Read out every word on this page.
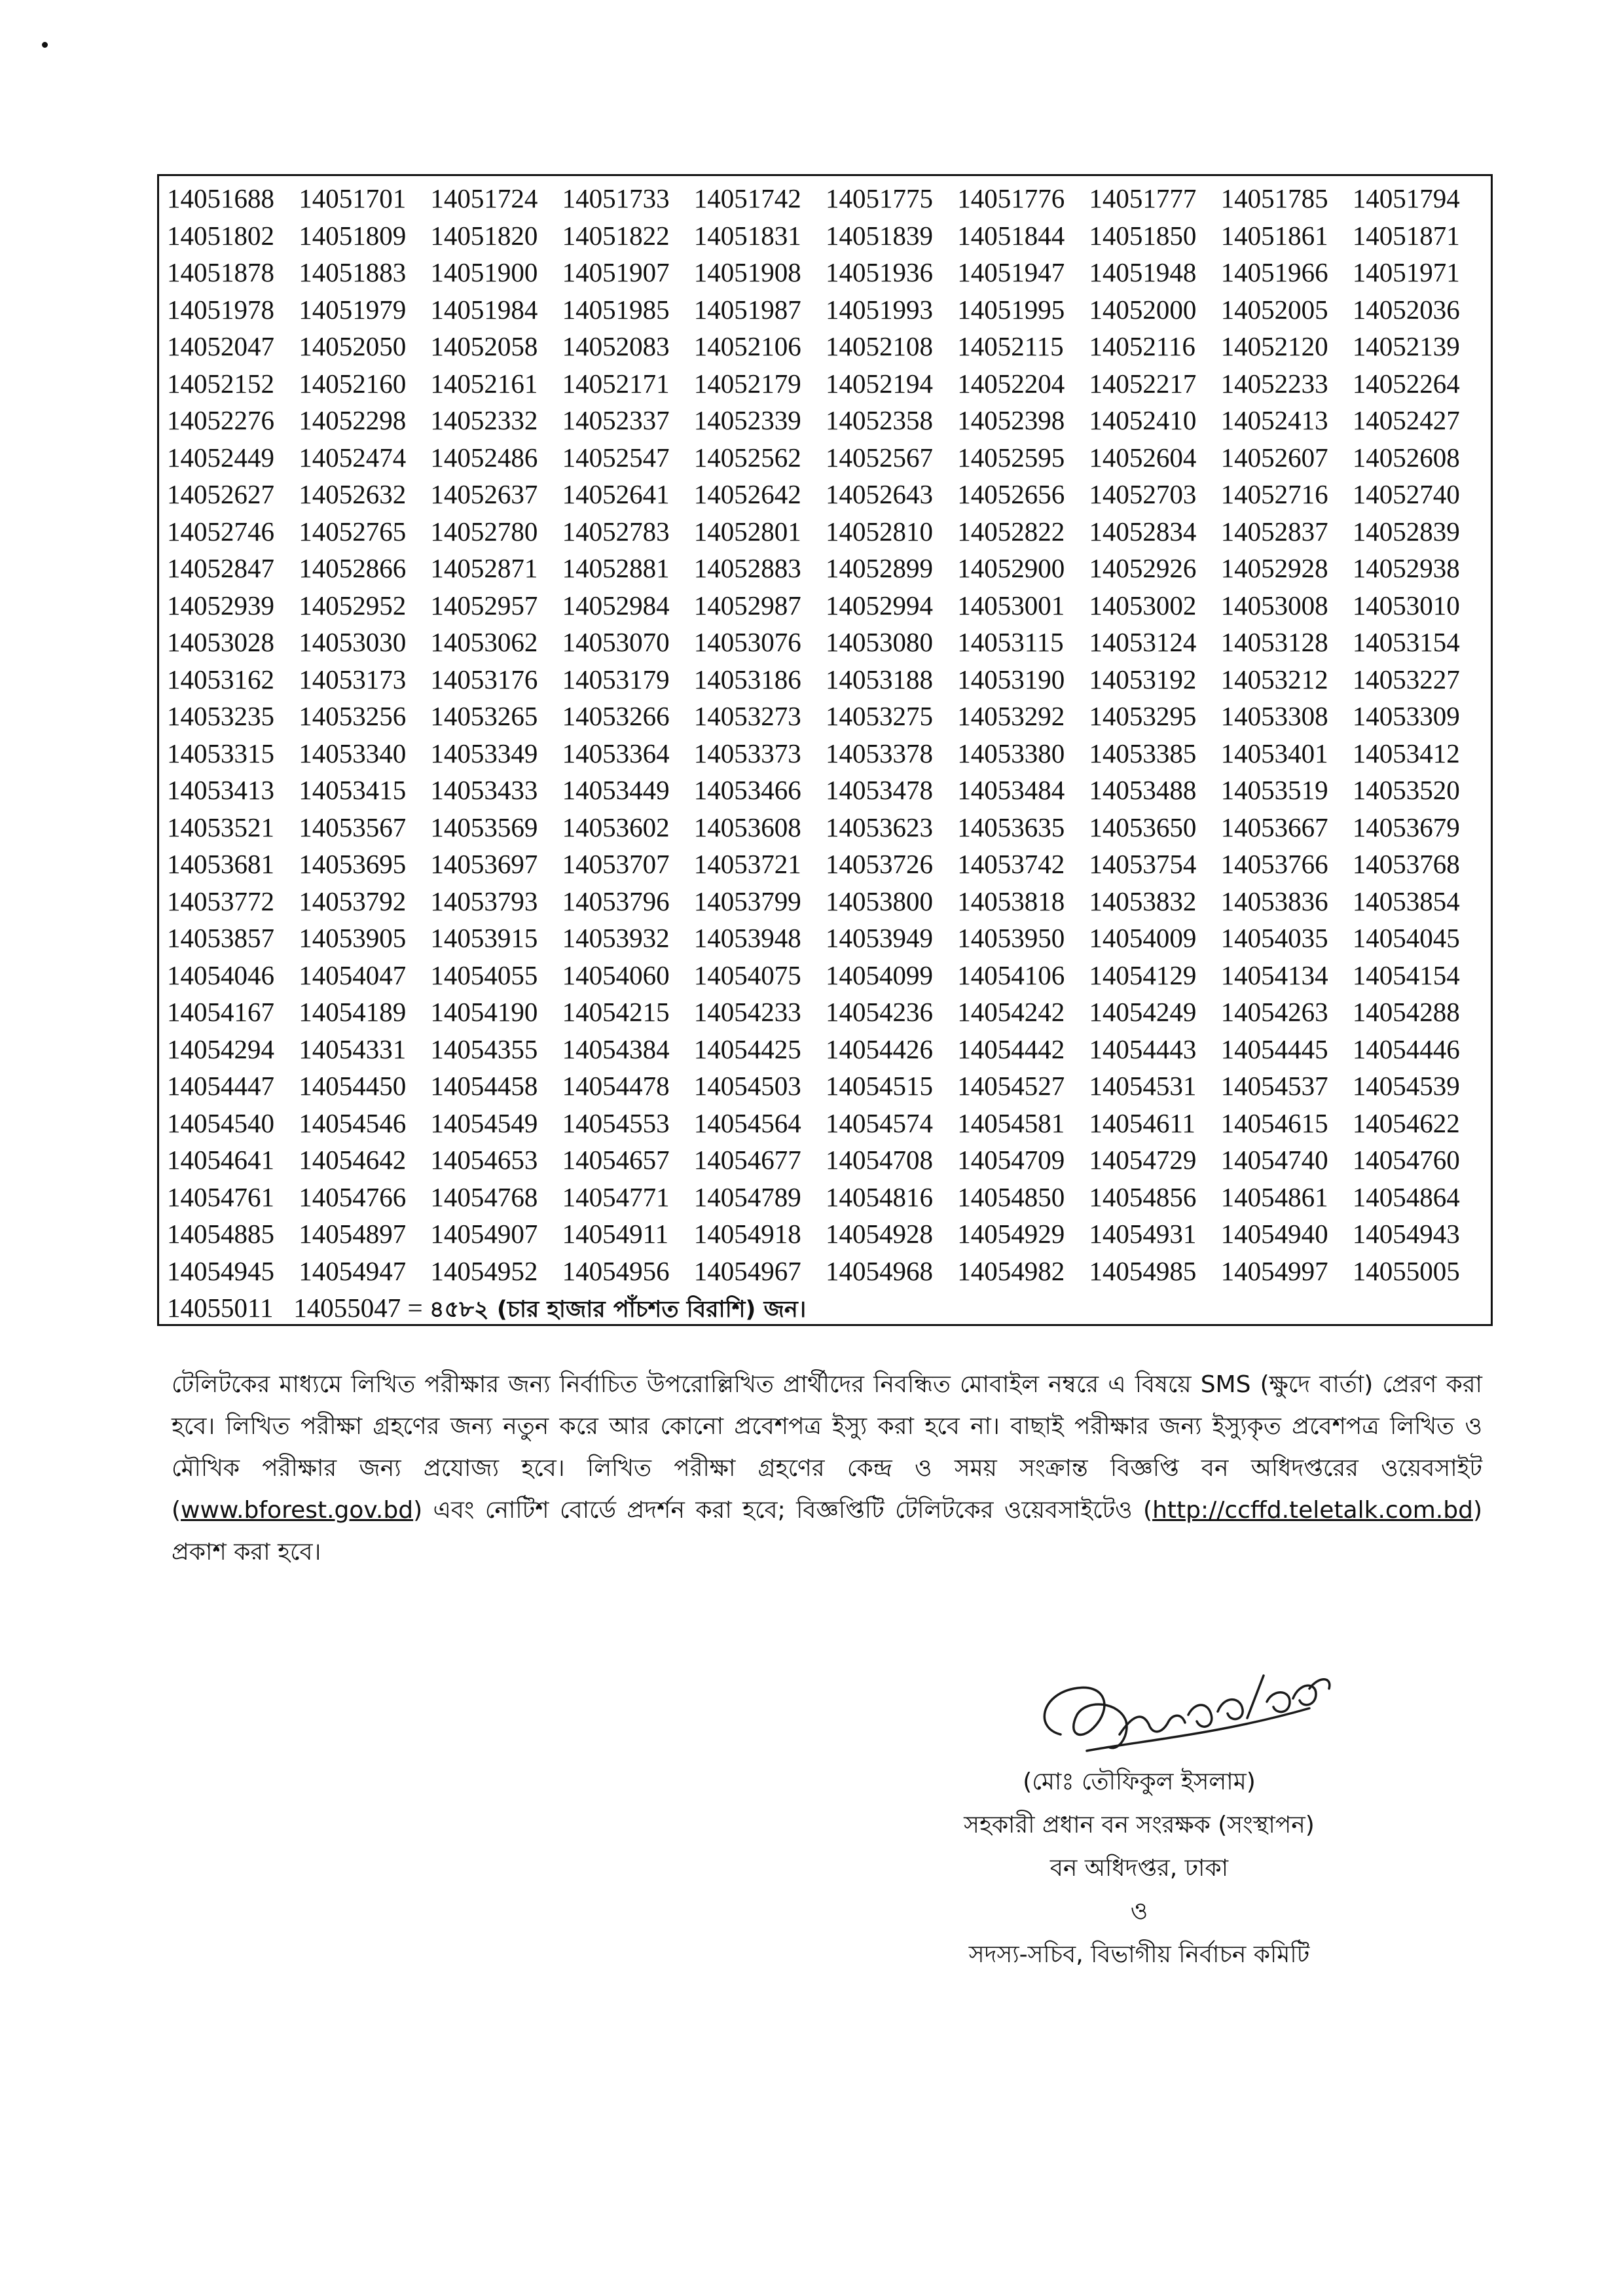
14051688 14051701 14051724 14051733 14051742 14051775 14051776 14051777 14051785 14051794
14051802 14051809 14051820 14051822 14051831 14051839 14051844 14051850 14051861 14051871
14051878 14051883 14051900 14051907 14051908 14051936 14051947 14051948 14051966 14051971
14051978 14051979 14051984 14051985 14051987 14051993 14051995 14052000 14052005 14052036
14052047 14052050 14052058 14052083 14052106 14052108 14052115 14052116 14052120 14052139
14052152 14052160 14052161 14052171 14052179 14052194 14052204 14052217 14052233 14052264
14052276 14052298 14052332 14052337 14052339 14052358 14052398 14052410 14052413 14052427
14052449 14052474 14052486 14052547 14052562 14052567 14052595 14052604 14052607 14052608
14052627 14052632 14052637 14052641 14052642 14052643 14052656 14052703 14052716 14052740
14052746 14052765 14052780 14052783 14052801 14052810 14052822 14052834 14052837 14052839
14052847 14052866 14052871 14052881 14052883 14052899 14052900 14052926 14052928 14052938
14052939 14052952 14052957 14052984 14052987 14052994 14053001 14053002 14053008 14053010
14053028 14053030 14053062 14053070 14053076 14053080 14053115 14053124 14053128 14053154
14053162 14053173 14053176 14053179 14053186 14053188 14053190 14053192 14053212 14053227
14053235 14053256 14053265 14053266 14053273 14053275 14053292 14053295 14053308 14053309
14053315 14053340 14053349 14053364 14053373 14053378 14053380 14053385 14053401 14053412
14053413 14053415 14053433 14053449 14053466 14053478 14053484 14053488 14053519 14053520
14053521 14053567 14053569 14053602 14053608 14053623 14053635 14053650 14053667 14053679
14053681 14053695 14053697 14053707 14053721 14053726 14053742 14053754 14053766 14053768
14053772 14053792 14053793 14053796 14053799 14053800 14053818 14053832 14053836 14053854
14053857 14053905 14053915 14053932 14053948 14053949 14053950 14054009 14054035 14054045
14054046 14054047 14054055 14054060 14054075 14054099 14054106 14054129 14054134 14054154
14054167 14054189 14054190 14054215 14054233 14054236 14054242 14054249 14054263 14054288
14054294 14054331 14054355 14054384 14054425 14054426 14054442 14054443 14054445 14054446
14054447 14054450 14054458 14054478 14054503 14054515 14054527 14054531 14054537 14054539
14054540 14054546 14054549 14054553 14054564 14054574 14054581 14054611 14054615 14054622
14054641 14054642 14054653 14054657 14054677 14054708 14054709 14054729 14054740 14054760
14054761 14054766 14054768 14054771 14054789 14054816 14054850 14054856 14054861 14054864
14054885 14054897 14054907 14054911 14054918 14054928 14054929 14054931 14054940 14054943
14054945 14054947 14054952 14054956 14054967 14054968 14054982 14054985 14054997 14055005
14055011 14055047 = ৪৫৮২ (চার হাজার পাঁচশত বিরাশি) জন।
টেলিটকের মাধ্যমে লিখিত পরীক্ষার জন্য নির্বাচিত উপরোল্লিখিত প্রার্থীদের নিবন্ধিত মোবাইল নম্বরে এ বিষয়ে SMS (ক্ষুদে বার্তা) প্রেরণ করা হবে। লিখিত পরীক্ষা গ্রহণের জন্য নতুন করে আর কোনো প্রবেশপত্র ইস্যু করা হবে না। বাছাই পরীক্ষার জন্য ইস্যুকৃত প্রবেশপত্র লিখিত ও মৌখিক পরীক্ষার জন্য প্রযোজ্য হবে। লিখিত পরীক্ষা গ্রহণের কেন্দ্র ও সময় সংক্রান্ত বিজ্ঞপ্তি বন অধিদপ্তরের ওয়েবসাইট (www.bforest.gov.bd) এবং নোটিশ বোর্ডে প্রদর্শন করা হবে; বিজ্ঞপ্তিটি টেলিটকের ওয়েবসাইটেও (http://ccffd.teletalk.com.bd) প্রকাশ করা হবে।
(মোঃ তৌফিকুল ইসলাম)
সহকারী প্রধান বন সংরক্ষক (সংস্থাপন)
বন অধিদপ্তর, ঢাকা
ও
সদস্য-সচিব, বিভাগীয় নির্বাচন কমিটি
